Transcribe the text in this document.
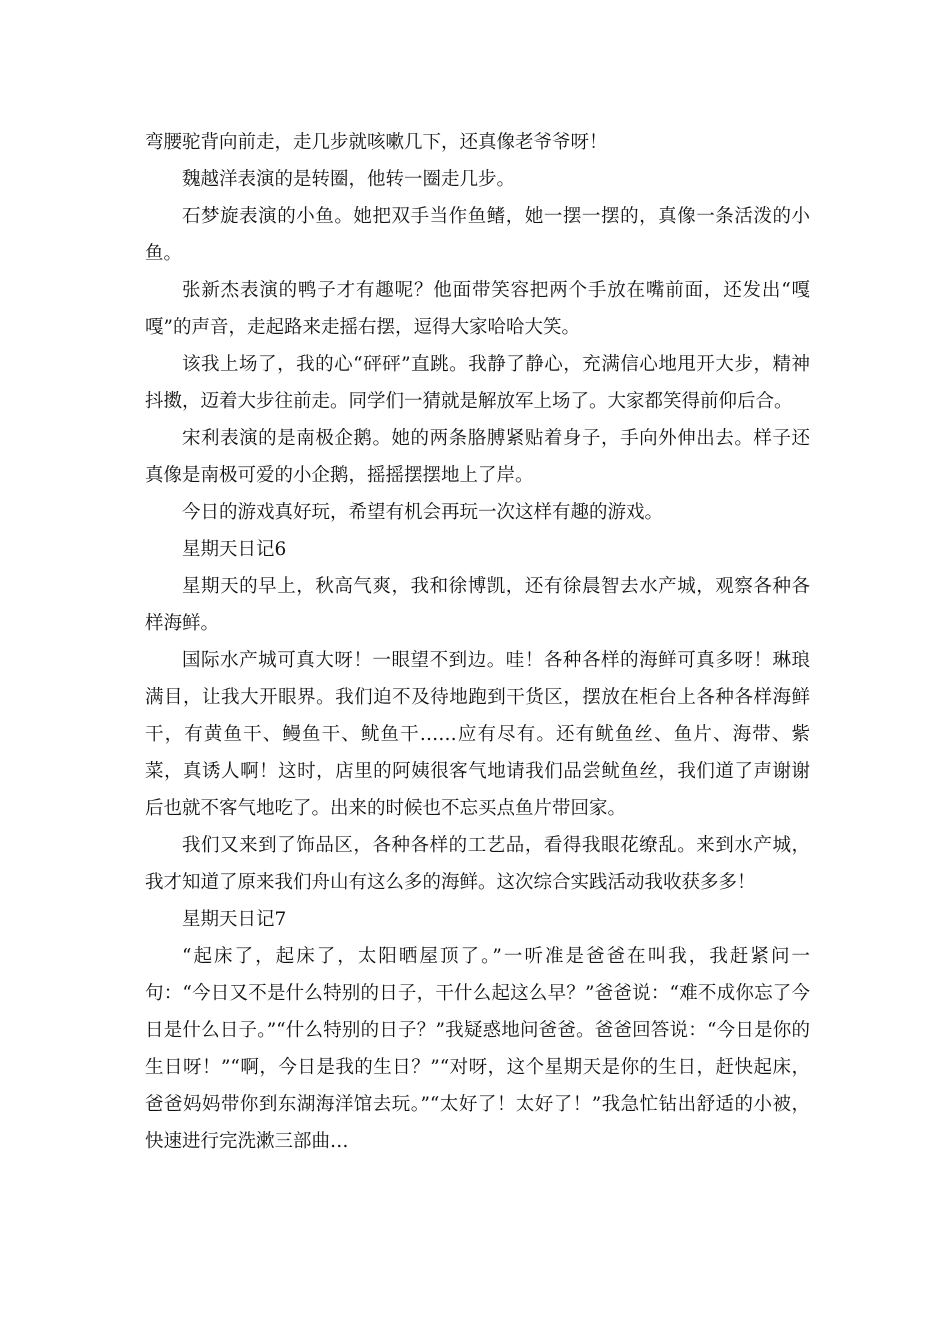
弯腰驼背向前走，走几步就咳嗽几下，还真像老爷爷呀！

魏越洋表演的是转圈，他转一圈走几步。

石梦旋表演的小鱼。她把双手当作鱼鳍，她一摆一摆的，真像一条活泼的小鱼。

张新杰表演的鸭子才有趣呢？他面带笑容把两个手放在嘴前面，还发出“嘎嘎”的声音，走起路来走摇右摆，逗得大家哈哈大笑。

该我上场了，我的心“砰砰”直跳。我静了静心，充满信心地甩开大步，精神抖擞，迈着大步往前走。同学们一猜就是解放军上场了。大家都笑得前仰后合。

宋利表演的是南极企鹅。她的两条胳膊紧贴着身子，手向外伸出去。样子还真像是南极可爱的小企鹅，摇摇摆摆地上了岸。

今日的游戏真好玩，希望有机会再玩一次这样有趣的游戏。

星期天日记6

星期天的早上，秋高气爽，我和徐博凯，还有徐晨智去水产城，观察各种各样海鲜。

国际水产城可真大呀！一眼望不到边。哇！各种各样的海鲜可真多呀！琳琅满目，让我大开眼界。我们迫不及待地跑到干货区，摆放在柜台上各种各样海鲜干，有黄鱼干、鳗鱼干、鱿鱼干……应有尽有。还有鱿鱼丝、鱼片、海带、紫菜，真诱人啊！这时，店里的阿姨很客气地请我们品尝鱿鱼丝，我们道了声谢谢后也就不客气地吃了。出来的时候也不忘买点鱼片带回家。

我们又来到了饰品区，各种各样的工艺品，看得我眼花缭乱。来到水产城，我才知道了原来我们舟山有这么多的海鲜。这次综合实践活动我收获多多！

星期天日记7

“起床了，起床了，太阳晒屋顶了。”一听准是爸爸在叫我，我赶紧问一句：“今日又不是什么特别的日子，干什么起这么早？”爸爸说：“难不成你忘了今日是什么日子。”“什么特别的日子？”我疑惑地问爸爸。爸爸回答说：“今日是你的生日呀！”“啊，今日是我的生日？”“对呀，这个星期天是你的生日，赶快起床，爸爸妈妈带你到东湖海洋馆去玩。”“太好了！太好了！”我急忙钻出舒适的小被，快速进行完洗漱三部曲…
